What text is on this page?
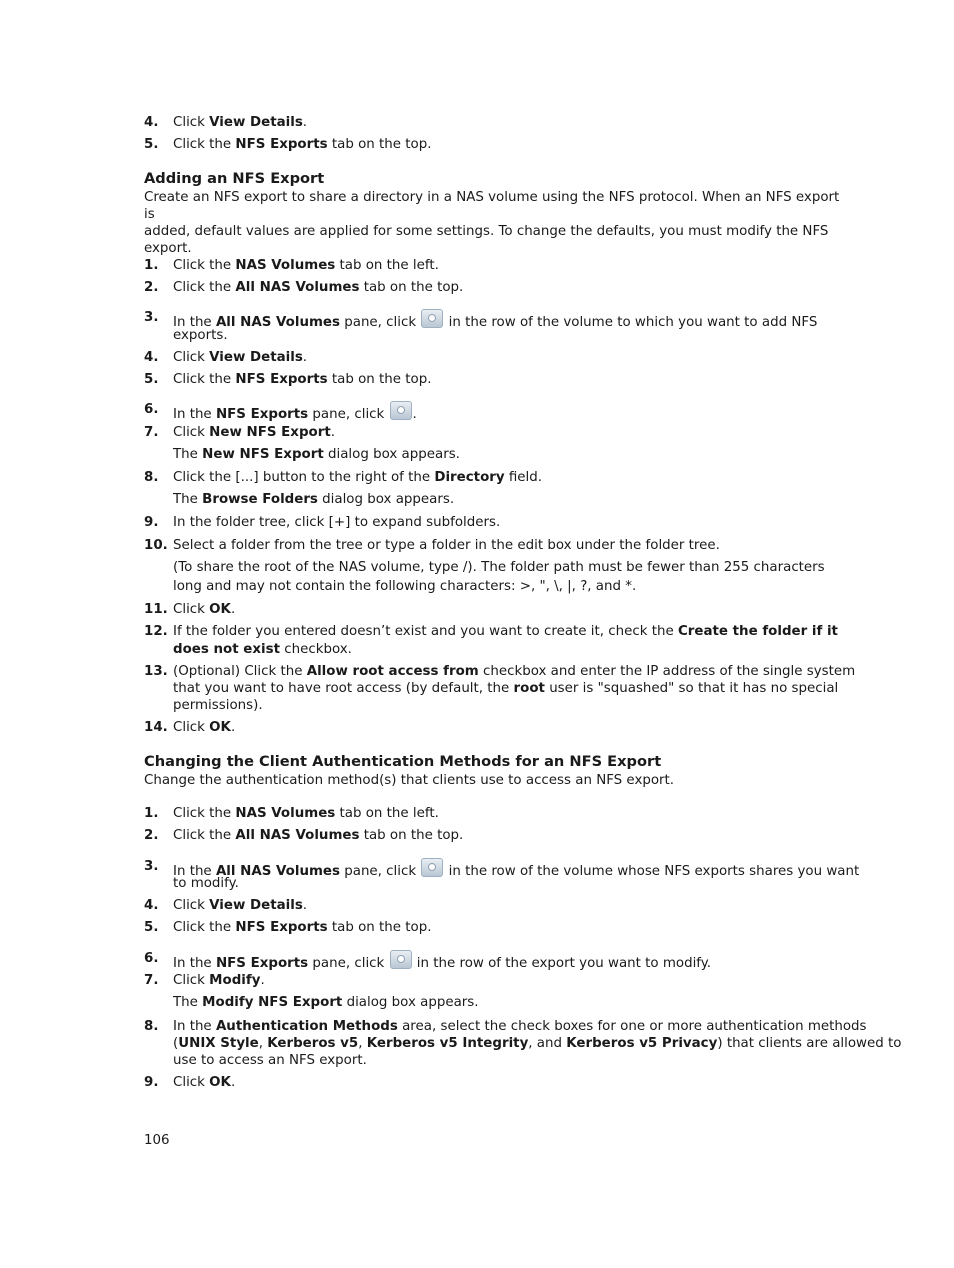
4. Click View Details.
5. Click the NFS Exports tab on the top.
Adding an NFS Export
Create an NFS export to share a directory in a NAS volume using the NFS protocol. When an NFS export is
added, default values are applied for some settings. To change the defaults, you must modify the NFS
export.
1. Click the NAS Volumes tab on the left.
2. Click the All NAS Volumes tab on the top.
3. In the All NAS Volumes pane, click  in the row of the volume to which you want to add NFS
exports.
4. Click View Details.
5. Click the NFS Exports tab on the top.
6. In the NFS Exports pane, click .
7. Click New NFS Export.
The New NFS Export dialog box appears.
8. Click the [...] button to the right of the Directory field.
The Browse Folders dialog box appears.
9. In the folder tree, click [+] to expand subfolders.
10. Select a folder from the tree or type a folder in the edit box under the folder tree.
(To share the root of the NAS volume, type /). The folder path must be fewer than 255 characters
long and may not contain the following characters: >, ", \, |, ?, and *.
11. Click OK.
12. If the folder you entered doesn’t exist and you want to create it, check the Create the folder if it
does not exist checkbox.
13. (Optional) Click the Allow root access from checkbox and enter the IP address of the single system
that you want to have root access (by default, the root user is "squashed" so that it has no special
permissions).
14. Click OK.
Changing the Client Authentication Methods for an NFS Export
Change the authentication method(s) that clients use to access an NFS export.
1. Click the NAS Volumes tab on the left.
2. Click the All NAS Volumes tab on the top.
3. In the All NAS Volumes pane, click  in the row of the volume whose NFS exports shares you want
to modify.
4. Click View Details.
5. Click the NFS Exports tab on the top.
6. In the NFS Exports pane, click  in the row of the export you want to modify.
7. Click Modify.
The Modify NFS Export dialog box appears.
8. In the Authentication Methods area, select the check boxes for one or more authentication methods
(UNIX Style, Kerberos v5, Kerberos v5 Integrity, and Kerberos v5 Privacy) that clients are allowed to
use to access an NFS export.
9. Click OK.
106
